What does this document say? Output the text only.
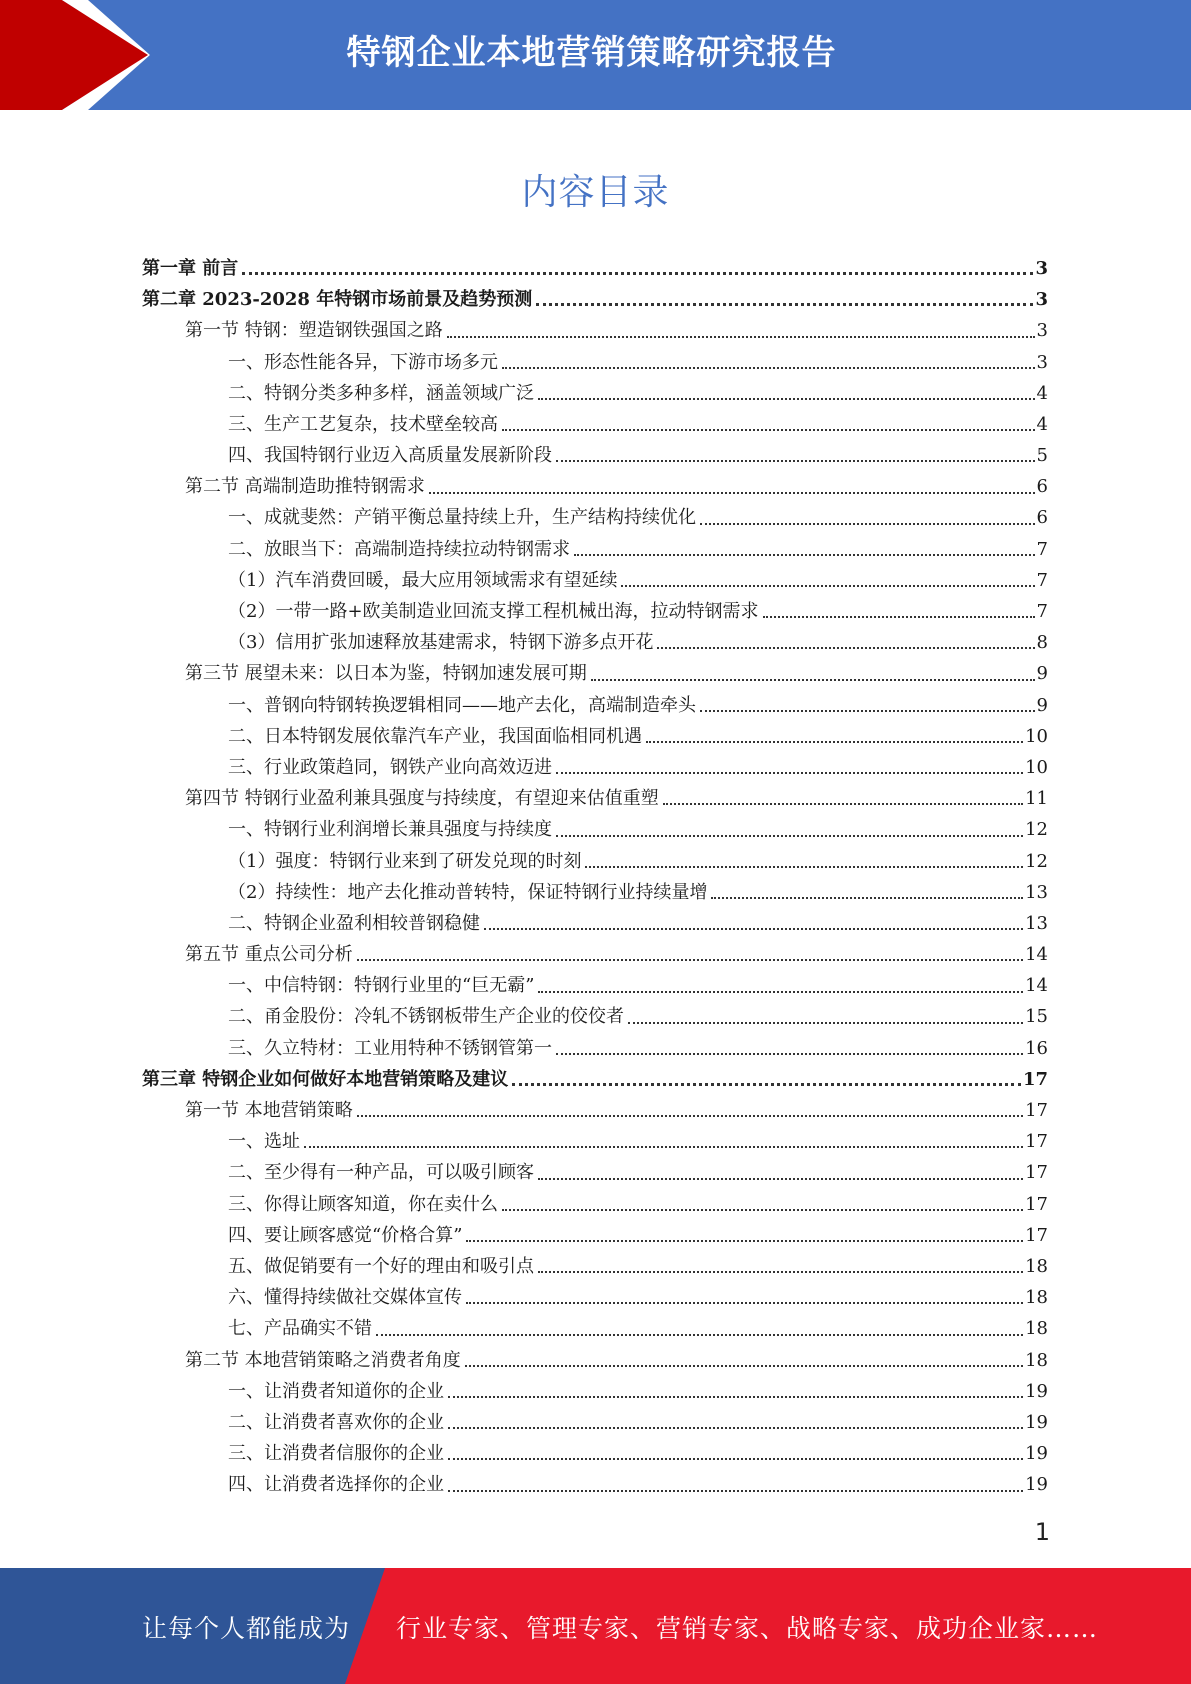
特钢企业本地营销策略研究报告
内容目录
第一章 前言	3
第二章 2023-2028 年特钢市场前景及趋势预测	3
第一节 特钢：塑造钢铁强国之路	3
一、形态性能各异，下游市场多元	3
二、特钢分类多种多样，涵盖领域广泛	4
三、生产工艺复杂，技术壁垒较高	4
四、我国特钢行业迈入高质量发展新阶段	5
第二节 高端制造助推特钢需求	6
一、成就斐然：产销平衡总量持续上升，生产结构持续优化	6
二、放眼当下：高端制造持续拉动特钢需求	7
（1）汽车消费回暖，最大应用领域需求有望延续	7
（2）一带一路+欧美制造业回流支撑工程机械出海，拉动特钢需求	7
（3）信用扩张加速释放基建需求，特钢下游多点开花	8
第三节 展望未来：以日本为鉴，特钢加速发展可期	9
一、普钢向特钢转换逻辑相同——地产去化，高端制造牵头	9
二、日本特钢发展依靠汽车产业，我国面临相同机遇	10
三、行业政策趋同，钢铁产业向高效迈进	10
第四节 特钢行业盈利兼具强度与持续度，有望迎来估值重塑	11
一、特钢行业利润增长兼具强度与持续度	12
（1）强度：特钢行业来到了研发兑现的时刻	12
（2）持续性：地产去化推动普转特，保证特钢行业持续量增	13
二、特钢企业盈利相较普钢稳健	13
第五节 重点公司分析	14
一、中信特钢：特钢行业里的“巨无霸”	14
二、甬金股份：冷轧不锈钢板带生产企业的佼佼者	15
三、久立特材：工业用特种不锈钢管第一	16
第三章 特钢企业如何做好本地营销策略及建议	17
第一节 本地营销策略	17
一、选址	17
二、至少得有一种产品，可以吸引顾客	17
三、你得让顾客知道，你在卖什么	17
四、要让顾客感觉“价格合算”	17
五、做促销要有一个好的理由和吸引点	18
六、懂得持续做社交媒体宣传	18
七、产品确实不错	18
第二节 本地营销策略之消费者角度	18
一、让消费者知道你的企业	19
二、让消费者喜欢你的企业	19
三、让消费者信服你的企业	19
四、让消费者选择你的企业	19
1
让每个人都能成为 行业专家、管理专家、营销专家、战略专家、成功企业家……
